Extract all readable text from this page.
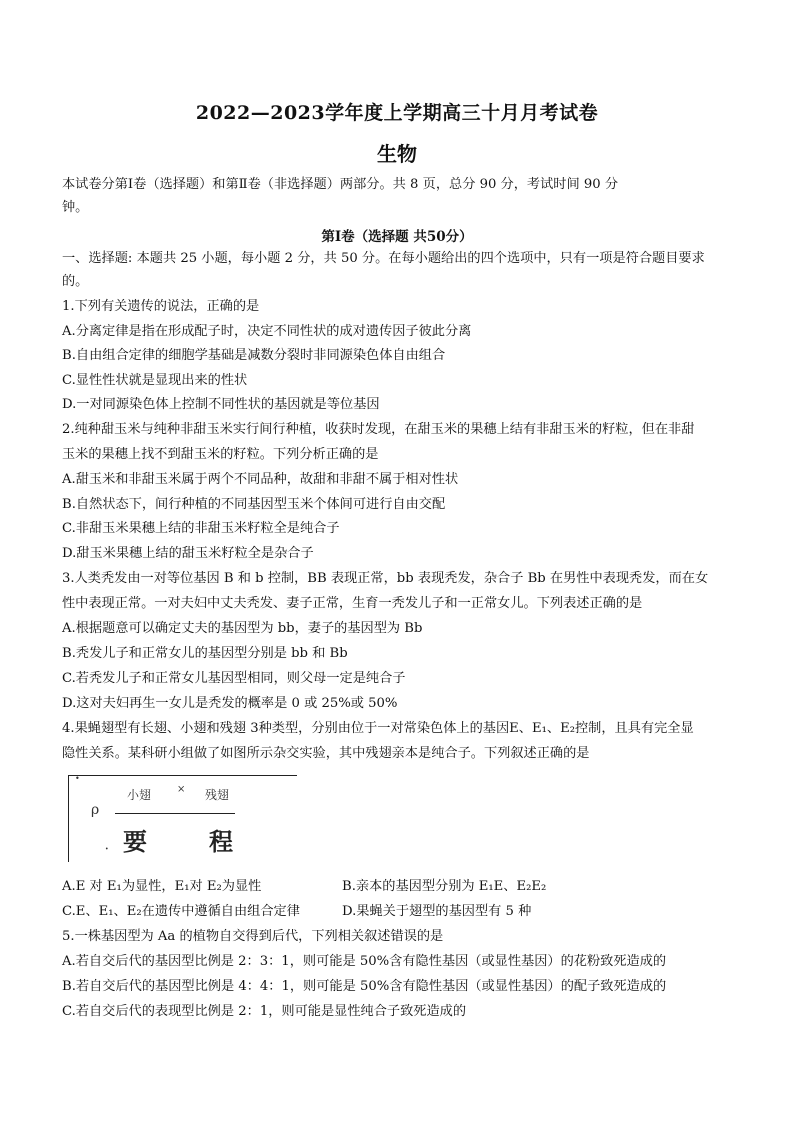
2022—2023学年度上学期高三十月月考试卷
生物
本试卷分第Ⅰ卷（选择题）和第Ⅱ卷（非选择题）两部分。共 8 页，总分 90 分，考试时间 90 分
钟。
第Ⅰ卷（选择题 共50分）
一、选择题: 本题共 25 小题，每小题 2 分，共 50 分。在每小题给出的四个选项中，只有一项是符合题目要求
的。
1.下列有关遗传的说法，正确的是
A.分离定律是指在形成配子时，决定不同性状的成对遗传因子彼此分离
B.自由组合定律的细胞学基础是减数分裂时非同源染色体自由组合
C.显性性状就是显现出来的性状
D.一对同源染色体上控制不同性状的基因就是等位基因
2.纯种甜玉米与纯种非甜玉米实行间行种植，收获时发现，在甜玉米的果穗上结有非甜玉米的籽粒，但在非甜
玉米的果穗上找不到甜玉米的籽粒。下列分析正确的是
A.甜玉米和非甜玉米属于两个不同品种，故甜和非甜不属于相对性状
B.自然状态下，间行种植的不同基因型玉米个体间可进行自由交配
C.非甜玉米果穗上结的非甜玉米籽粒全是纯合子
D.甜玉米果穗上结的甜玉米籽粒全是杂合子
3.人类秃发由一对等位基因 B 和 b 控制，BB 表现正常，bb 表现秃发，杂合子 Bb 在男性中表现秃发，而在女
性中表现正常。一对夫妇中丈夫秃发、妻子正常，生育一秃发儿子和一正常女儿。下列表述正确的是
A.根据题意可以确定丈夫的基因型为 bb，妻子的基因型为 Bb
B.秃发儿子和正常女儿的基因型分别是 bb 和 Bb
C.若秃发儿子和正常女儿基因型相同，则父母一定是纯合子
D.这对夫妇再生一女儿是秃发的概率是 0 或 25%或 50%
4.果蝇翅型有长翅、小翅和残翅 3种类型，分别由位于一对常染色体上的基因E、E₁、E₂控制，且具有完全显
隐性关系。某科研小组做了如图所示杂交实验，其中残翅亲本是纯合子。下列叙述正确的是
•
小翅	× 残翅
ρ
要	程
•
A.E 对 E₁为显性，E₁对 E₂为显性	B.亲本的基因型分别为 E₁E、E₂E₂
C.E、E₁、E₂在遗传中遵循自由组合定律	D.果蝇关于翅型的基因型有 5 种
5.一株基因型为 Aa 的植物自交得到后代，下列相关叙述错误的是
A.若自交后代的基因型比例是 2：3：1，则可能是 50%含有隐性基因（或显性基因）的花粉致死造成的
B.若自交后代的基因型比例是 4：4：1，则可能是 50%含有隐性基因（或显性基因）的配子致死造成的
C.若自交后代的表现型比例是 2：1，则可能是显性纯合子致死造成的
